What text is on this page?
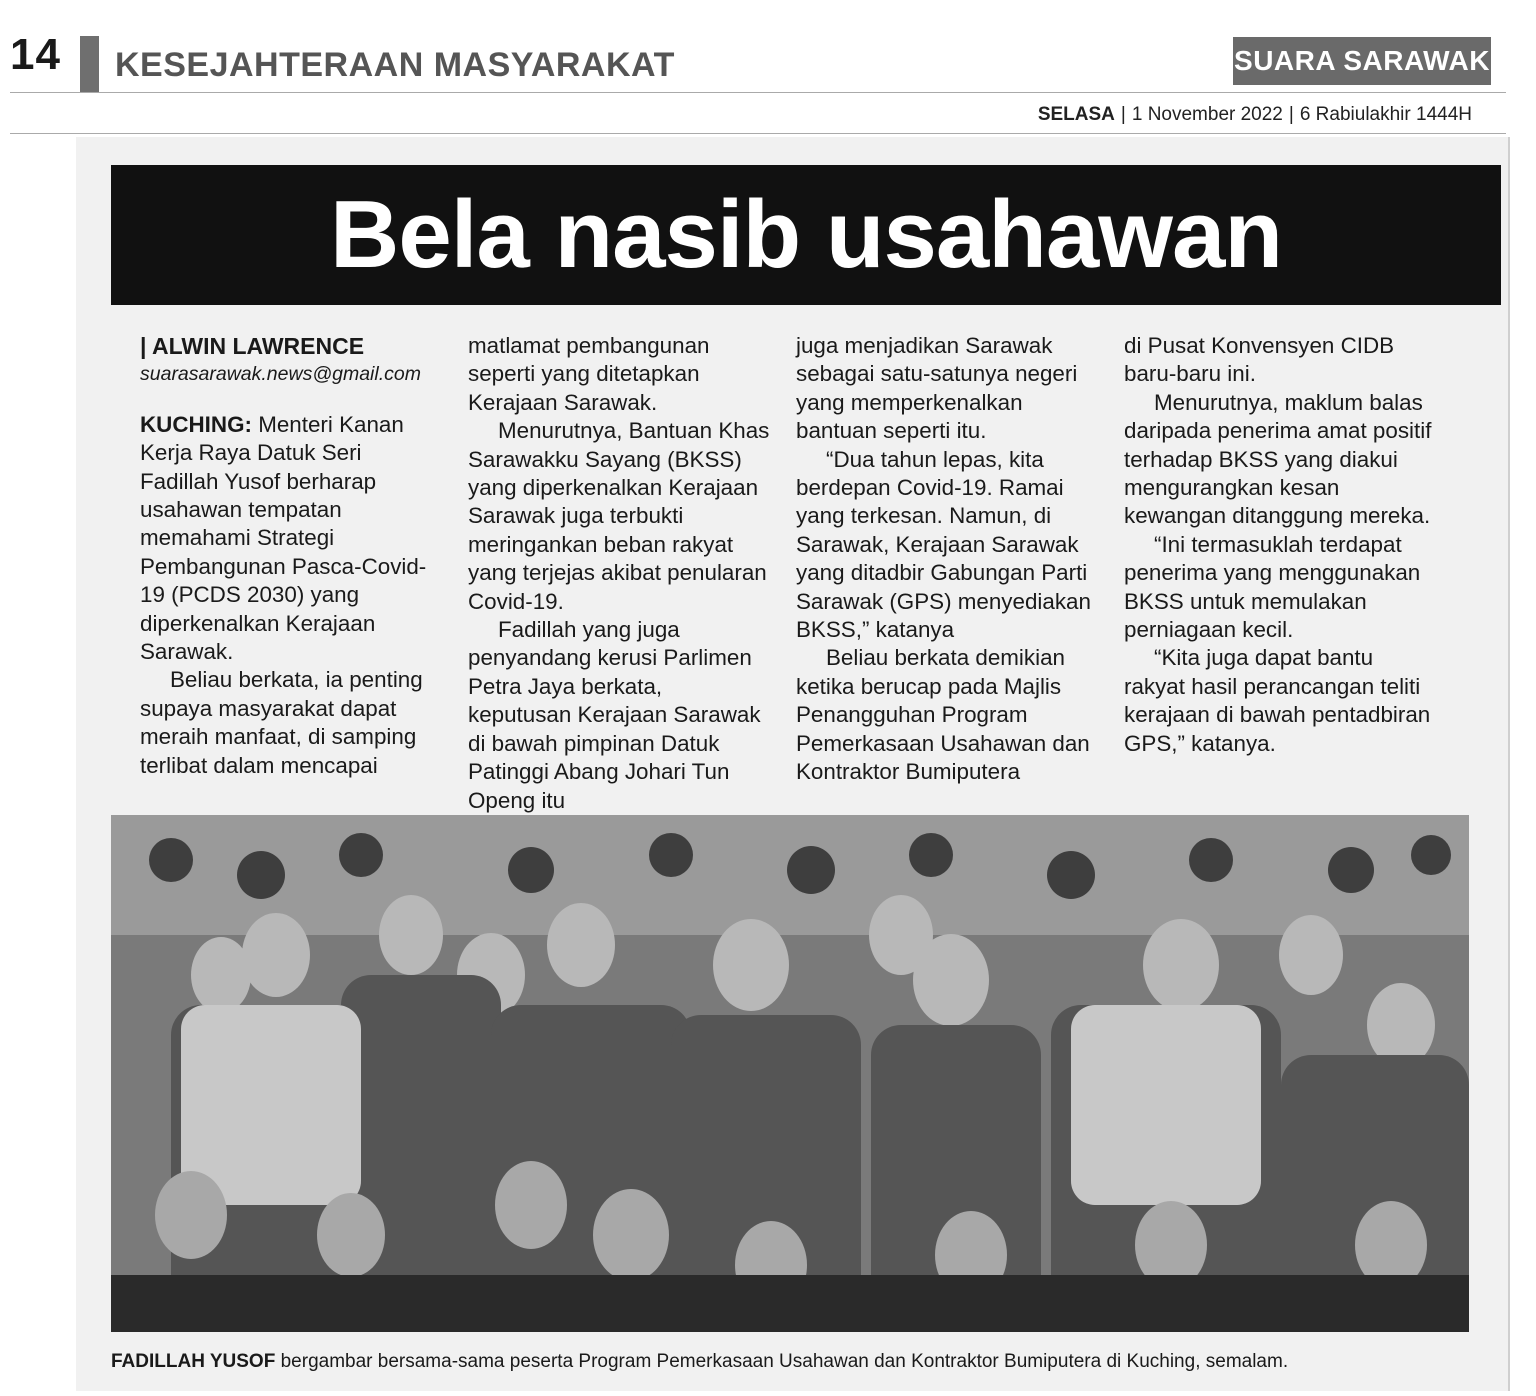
14 KESEJAHTERAAN MASYARAKAT	SUARA SARAWAK
SELASA | 1 November 2022 | 6 Rabiulakhir 1444H
Bela nasib usahawan

| ALWIN LAWRENCE

suarasarawak.news@gmail.com

KUCHING: Menteri Kanan Kerja Raya Datuk Seri Fadillah Yusof berharap usahawan tempatan memahami Strategi Pembangunan Pasca-Covid-19 (PCDS 2030) yang diperkenalkan Kerajaan Sarawak.

Beliau berkata, ia penting supaya masyarakat dapat meraih manfaat, di samping terlibat dalam mencapai

matlamat pembangunan seperti yang ditetapkan Kerajaan Sarawak.

Menurutnya, Bantuan Khas Sarawakku Sayang (BKSS) yang diperkenalkan Kerajaan Sarawak juga terbukti meringankan beban rakyat yang terjejas akibat penularan Covid-19.

Fadillah yang juga penyandang kerusi Parlimen Petra Jaya berkata, keputusan Kerajaan Sarawak di bawah pimpinan Datuk Patinggi Abang Johari Tun Openg itu

juga menjadikan Sarawak sebagai satu-satunya negeri yang memperkenalkan bantuan seperti itu.

“Dua tahun lepas, kita berdepan Covid-19. Ramai yang terkesan. Namun, di Sarawak, Kerajaan Sarawak yang ditadbir Gabungan Parti Sarawak (GPS) menyediakan BKSS,” katanya

Beliau berkata demikian ketika berucap pada Majlis Penangguhan Program Pemerkasaan Usahawan dan Kontraktor Bumiputera

di Pusat Konvensyen CIDB baru-baru ini.

Menurutnya, maklum balas daripada penerima amat positif terhadap BKSS yang diakui mengurangkan kesan kewangan ditanggung mereka.

“Ini termasuklah terdapat penerima yang menggunakan BKSS untuk memulakan perniagaan kecil.

“Kita juga dapat bantu rakyat hasil perancangan teliti kerajaan di bawah pentadbiran GPS,” katanya.

FADILLAH YUSOF bergambar bersama-sama peserta Program Pemerkasaan Usahawan dan Kontraktor Bumiputera di Kuching, semalam.
